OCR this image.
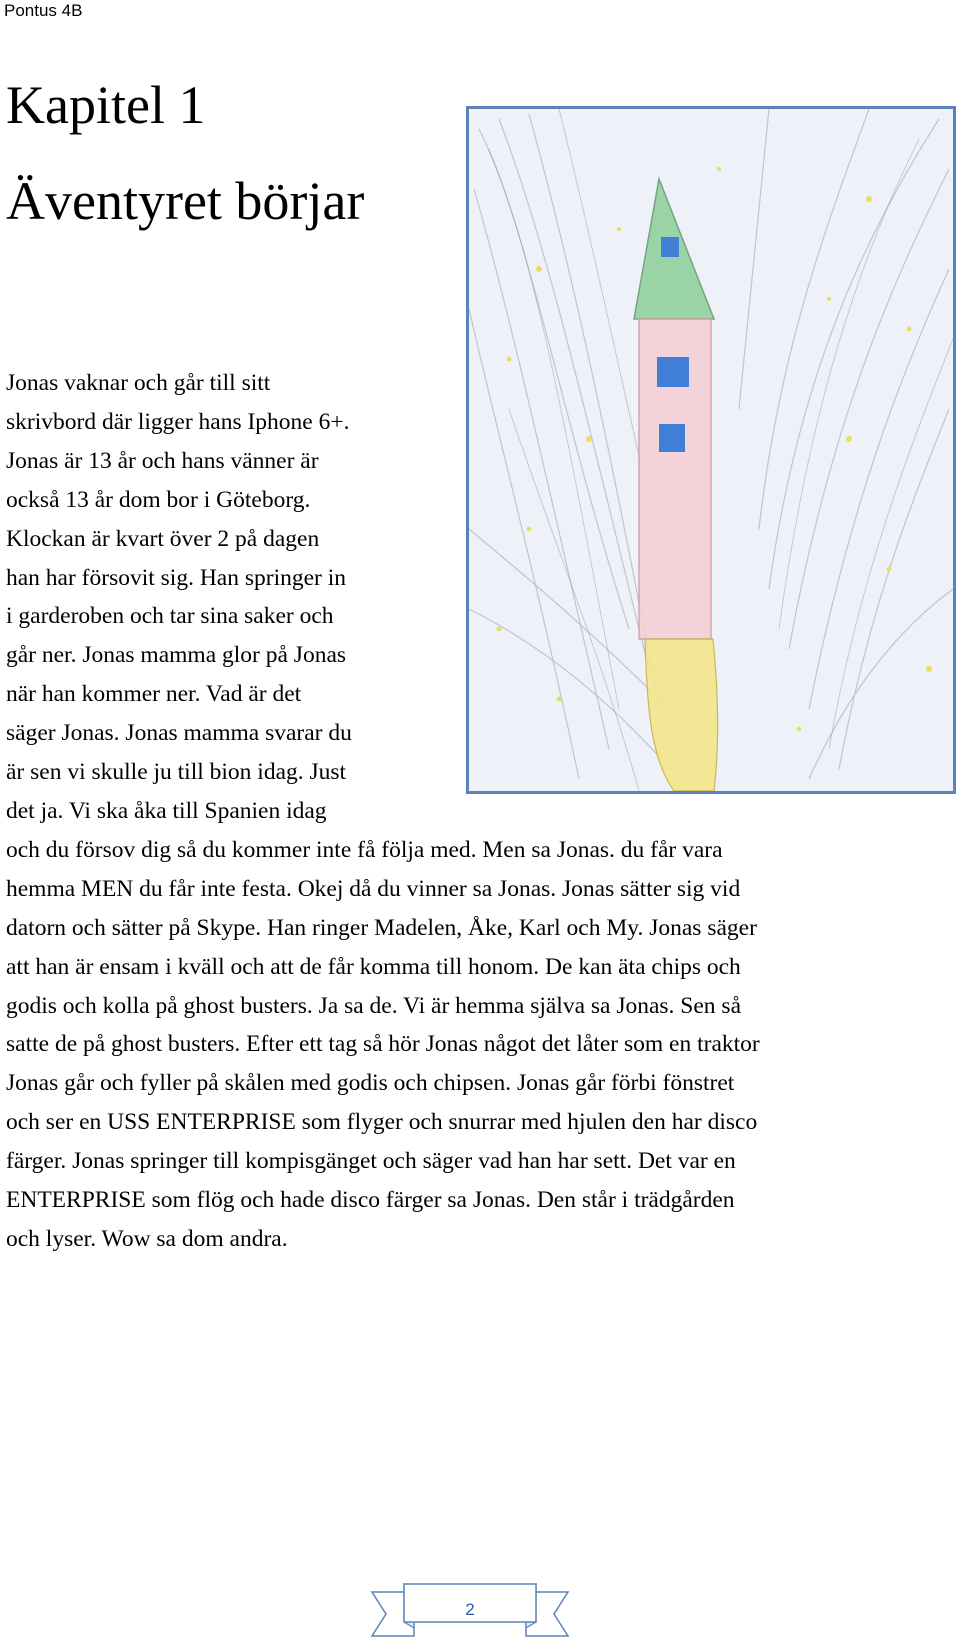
Pontus 4B
Kapitel 1
Äventyret börjar
Jonas vaknar och går till sitt
skrivbord där ligger hans Iphone 6+.
Jonas är 13 år och hans vänner är
också 13 år dom bor i Göteborg.
Klockan är kvart över 2 på dagen
han har försovit sig. Han springer in
i garderoben och tar sina saker och
går ner. Jonas mamma glor på Jonas
när han kommer ner. Vad är det
säger Jonas. Jonas mamma svarar du
är sen vi skulle ju till bion idag. Just
det ja. Vi ska åka till Spanien idag
och du försov dig så du kommer inte få följa med. Men sa Jonas. du får vara
hemma MEN du får inte festa. Okej då du vinner sa Jonas. Jonas sätter sig vid
datorn och sätter på Skype. Han ringer Madelen, Åke, Karl och My. Jonas säger
att han är ensam i kväll och att de får komma till honom. De kan äta chips och
godis och kolla på ghost busters. Ja sa de. Vi är hemma själva sa Jonas. Sen så
satte de på ghost busters. Efter ett tag så hör Jonas något det låter som en traktor
Jonas går och fyller på skålen med godis och chipsen. Jonas går förbi fönstret
och ser en USS ENTERPRISE som flyger och snurrar med hjulen den har disco
färger. Jonas springer till kompisgänget och säger vad han har sett. Det var en
ENTERPRISE som flög och hade disco färger sa Jonas. Den står i trädgården
och lyser. Wow sa dom andra.
2
